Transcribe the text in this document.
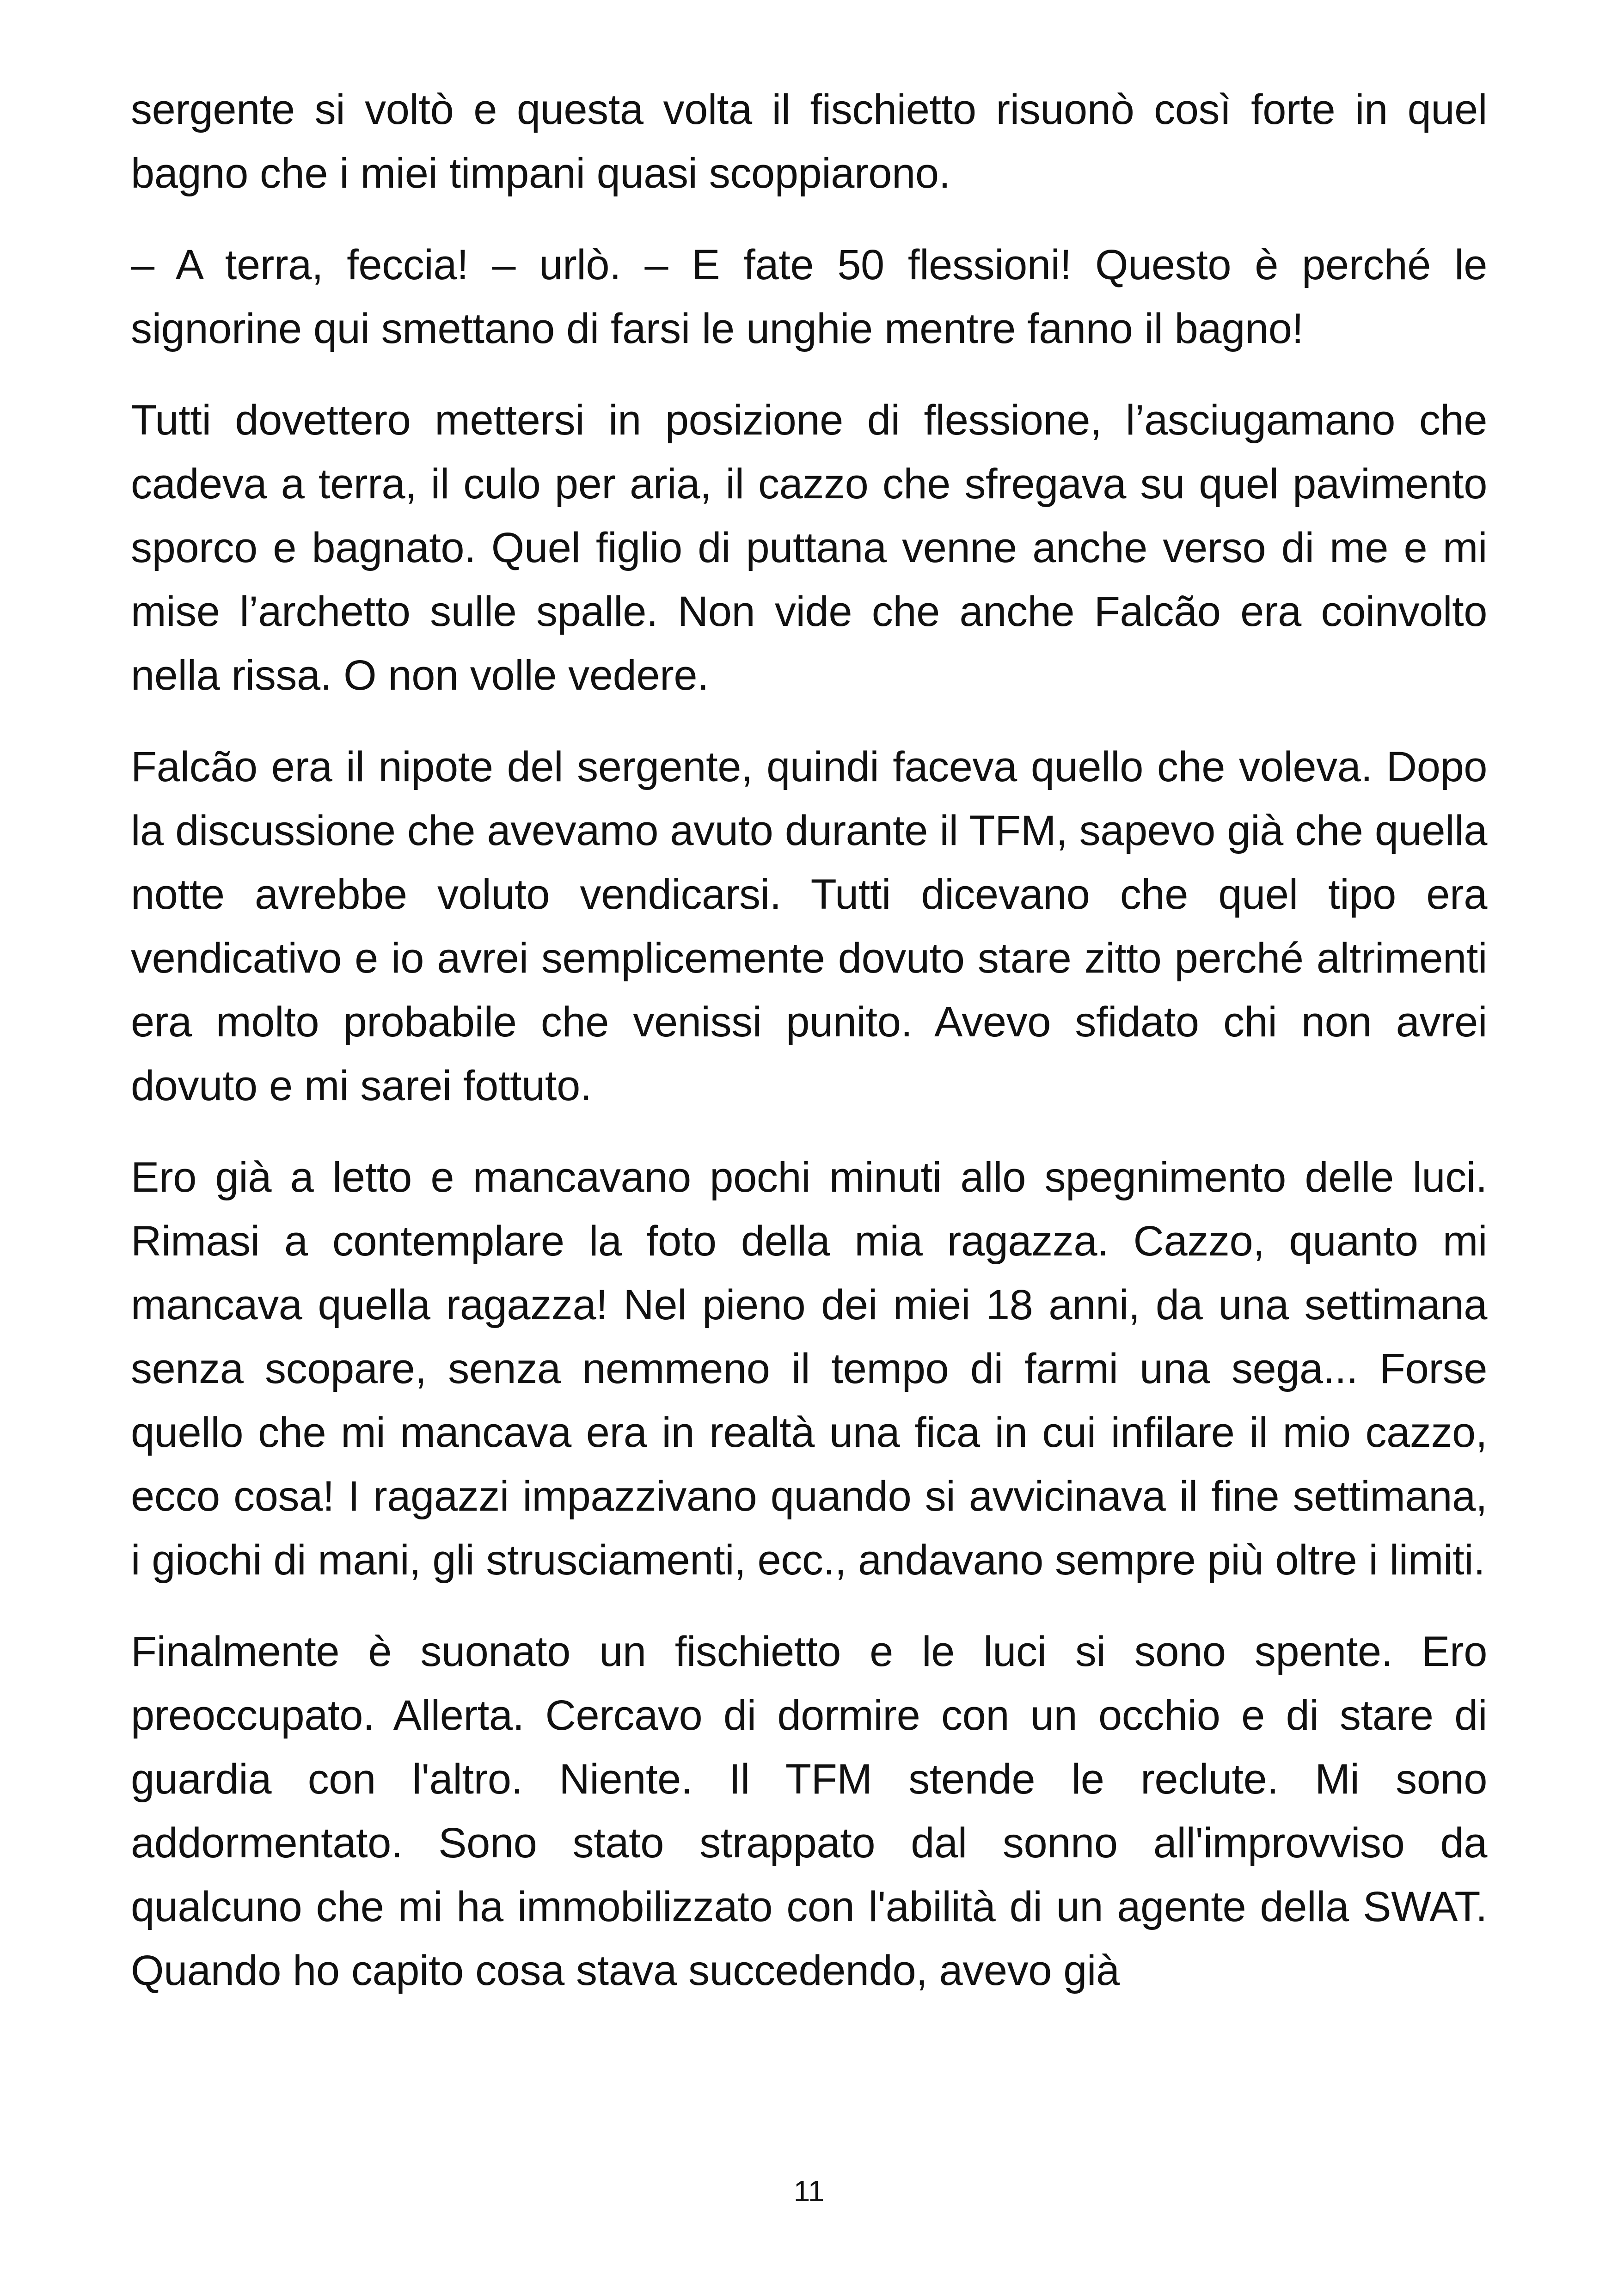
sergente si voltò e questa volta il fischietto risuonò così forte in quel bagno che i miei timpani quasi scoppiarono.

– A terra, feccia! – urlò. – E fate 50 flessioni! Questo è perché le signorine qui smettano di farsi le unghie mentre fanno il bagno!

Tutti dovettero mettersi in posizione di flessione, l’asciugamano che cadeva a terra, il culo per aria, il cazzo che sfregava su quel pavimento sporco e bagnato. Quel figlio di puttana venne anche verso di me e mi mise l’archetto sulle spalle. Non vide che anche Falcão era coinvolto nella rissa. O non volle vedere.

Falcão era il nipote del sergente, quindi faceva quello che voleva. Dopo la discussione che avevamo avuto durante il TFM, sapevo già che quella notte avrebbe voluto vendicarsi. Tutti dicevano che quel tipo era vendicativo e io avrei semplicemente dovuto stare zitto perché altrimenti era molto probabile che venissi punito. Avevo sfidato chi non avrei dovuto e mi sarei fottuto.

Ero già a letto e mancavano pochi minuti allo spegnimento delle luci. Rimasi a contemplare la foto della mia ragazza. Cazzo, quanto mi mancava quella ragazza! Nel pieno dei miei 18 anni, da una settimana senza scopare, senza nemmeno il tempo di farmi una sega... Forse quello che mi mancava era in realtà una fica in cui infilare il mio cazzo, ecco cosa! I ragazzi impazzivano quando si avvicinava il fine settimana, i giochi di mani, gli strusciamenti, ecc., andavano sempre più oltre i limiti.

Finalmente è suonato un fischietto e le luci si sono spente. Ero preoccupato. Allerta. Cercavo di dormire con un occhio e di stare di guardia con l'altro. Niente. Il TFM stende le reclute. Mi sono addormentato. Sono stato strappato dal sonno all'improvviso da qualcuno che mi ha immobilizzato con l'abilità di un agente della SWAT. Quando ho capito cosa stava succedendo, avevo già

11
